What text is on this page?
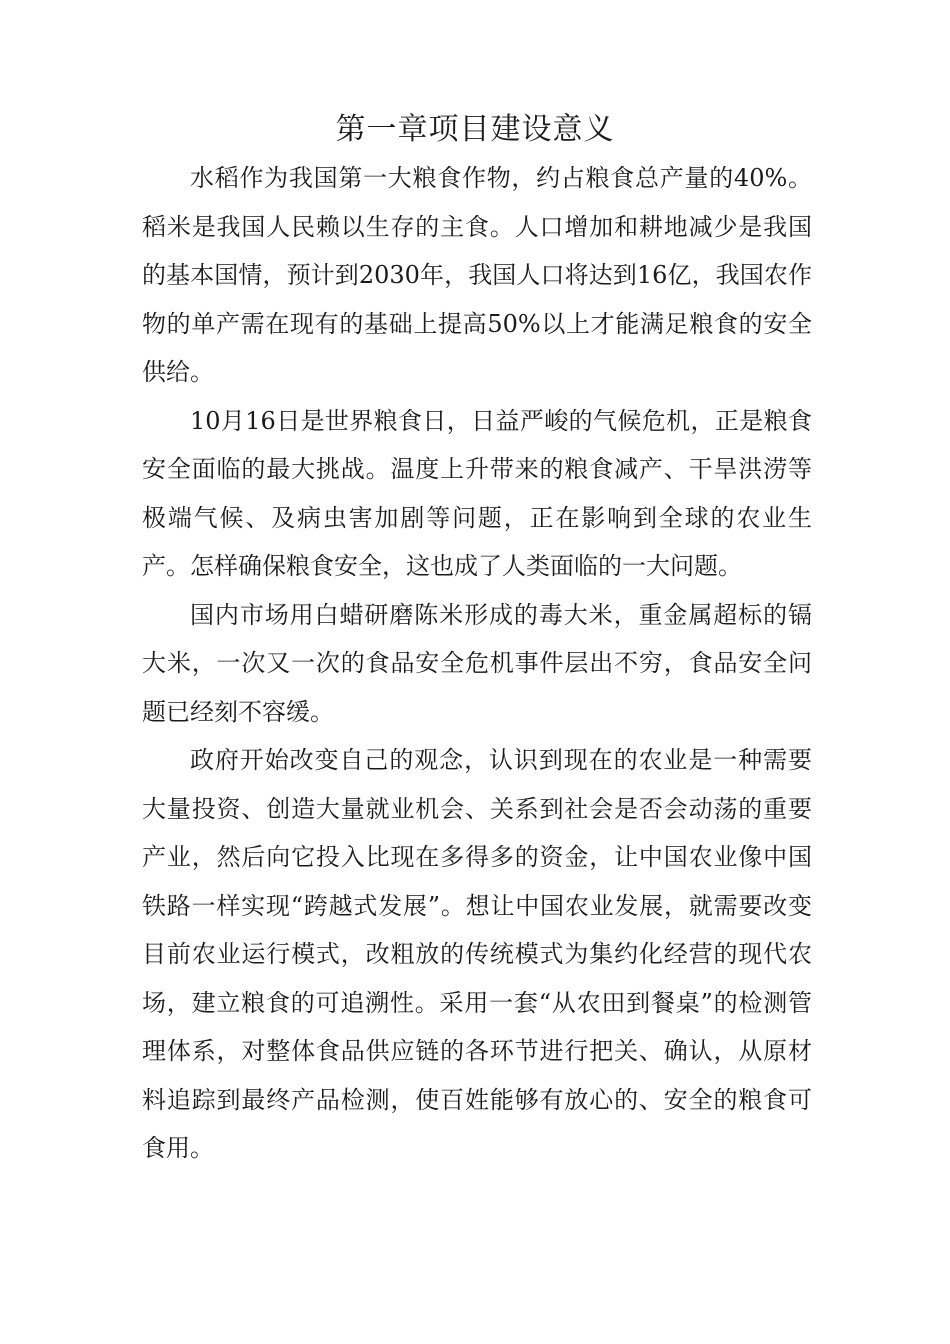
第一章项目建设意义

水稻作为我国第一大粮食作物，约占粮食总产量的40%。稻米是我国人民赖以生存的主食。人口增加和耕地减少是我国的基本国情，预计到2030年，我国人口将达到16亿，我国农作物的单产需在现有的基础上提高50%以上才能满足粮食的安全供给。

10月16日是世界粮食日，日益严峻的气候危机，正是粮食安全面临的最大挑战。温度上升带来的粮食减产、干旱洪涝等极端气候、及病虫害加剧等问题，正在影响到全球的农业生产。怎样确保粮食安全，这也成了人类面临的一大问题。

国内市场用白蜡研磨陈米形成的毒大米，重金属超标的镉大米，一次又一次的食品安全危机事件层出不穷，食品安全问题已经刻不容缓。

政府开始改变自己的观念，认识到现在的农业是一种需要大量投资、创造大量就业机会、关系到社会是否会动荡的重要产业，然后向它投入比现在多得多的资金，让中国农业像中国铁路一样实现“跨越式发展”。想让中国农业发展，就需要改变目前农业运行模式，改粗放的传统模式为集约化经营的现代农场，建立粮食的可追溯性。采用一套“从农田到餐桌”的检测管理体系，对整体食品供应链的各环节进行把关、确认，从原材料追踪到最终产品检测，使百姓能够有放心的、安全的粮食可食用。
